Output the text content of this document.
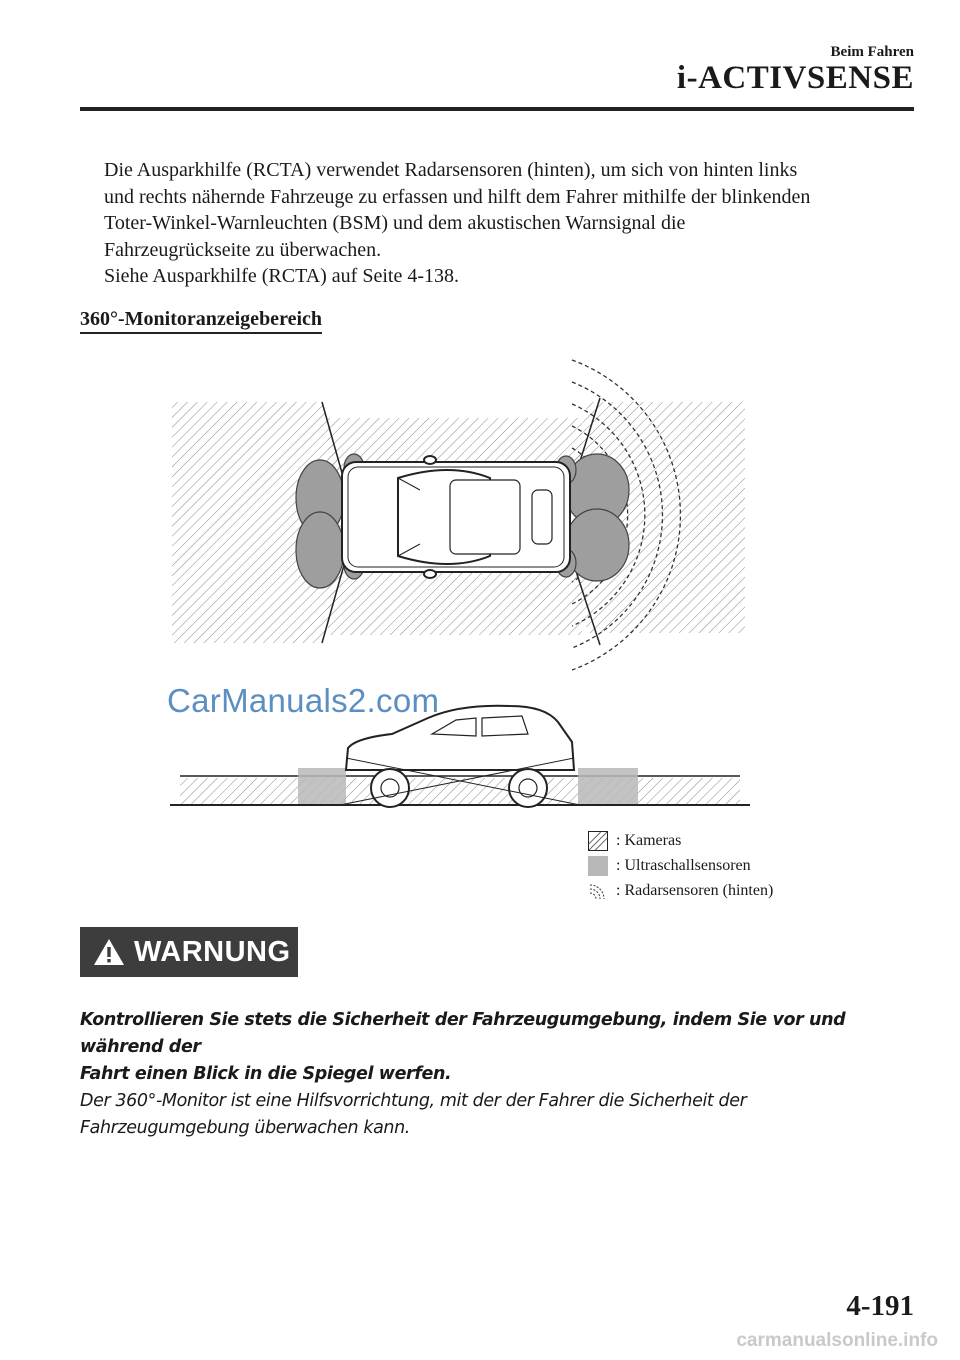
Beim Fahren
i-ACTIVSENSE

Die Ausparkhilfe (RCTA) verwendet Radarsensoren (hinten), um sich von hinten links

und rechts nähernde Fahrzeuge zu erfassen und hilft dem Fahrer mithilfe der blinkenden

Toter-Winkel-Warnleuchten (BSM) und dem akustischen Warnsignal die

Fahrzeugrückseite zu überwachen.

Siehe Ausparkhilfe (RCTA) auf Seite 4-138.

360°-Monitoranzeigebereich
CarManuals2.com
: Kameras
: Ultraschallsensoren
: Radarsensoren (hinten)
WARNUNG

Kontrollieren Sie stets die Sicherheit der Fahrzeugumgebung, indem Sie vor und während der

Fahrt einen Blick in die Spiegel werfen.

Der 360°-Monitor ist eine Hilfsvorrichtung, mit der der Fahrer die Sicherheit der

Fahrzeugumgebung überwachen kann.

4-191
carmanualsonline.info
